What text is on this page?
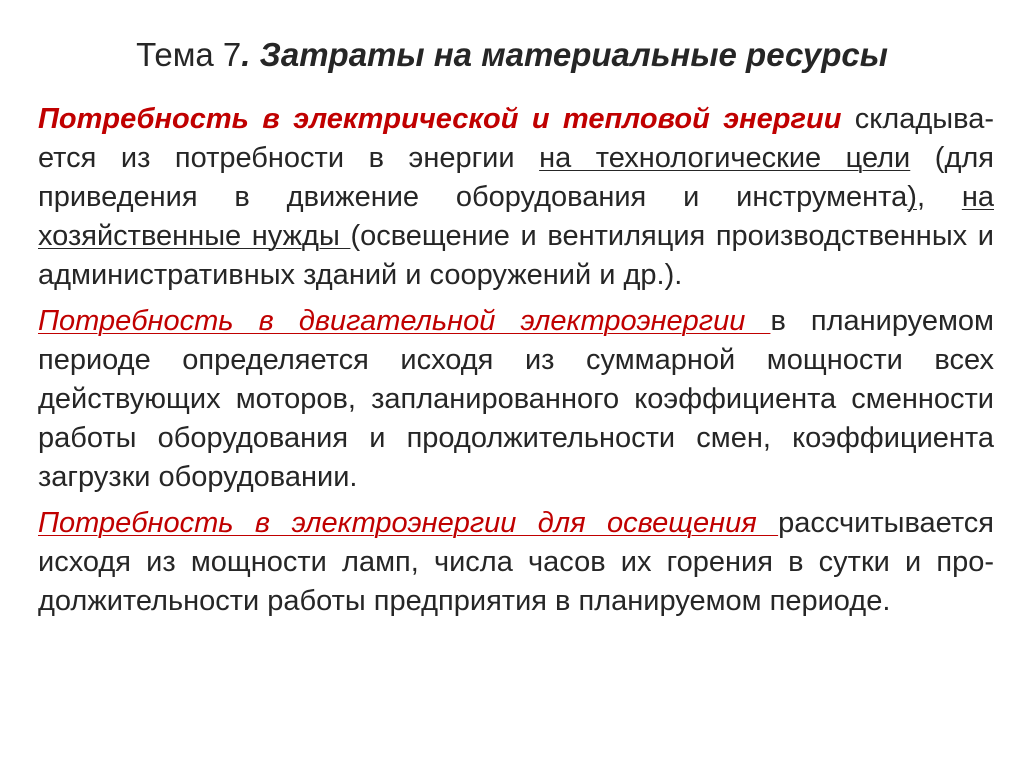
Тема 7. Затраты на материальные ресурсы

Потребность в электрической и тепловой энергии складыва-ется из потребности в энергии на технологические цели (для приведения в движение оборудования и инструмента), на хозяйственные нужды (освещение и вентиляция производственных и административных зданий и сооружений и др.).

Потребность в двигательной электроэнергии в планируемом периоде определяется исходя из суммарной мощности всех действующих моторов, запланированного коэффициента сменности работы оборудования и продолжительности смен, коэффициента загрузки оборудовании.

Потребность в электроэнергии для освещения рассчитывается исходя из мощности ламп, числа часов их горения в сутки и про-должительности работы предприятия в планируемом периоде.
